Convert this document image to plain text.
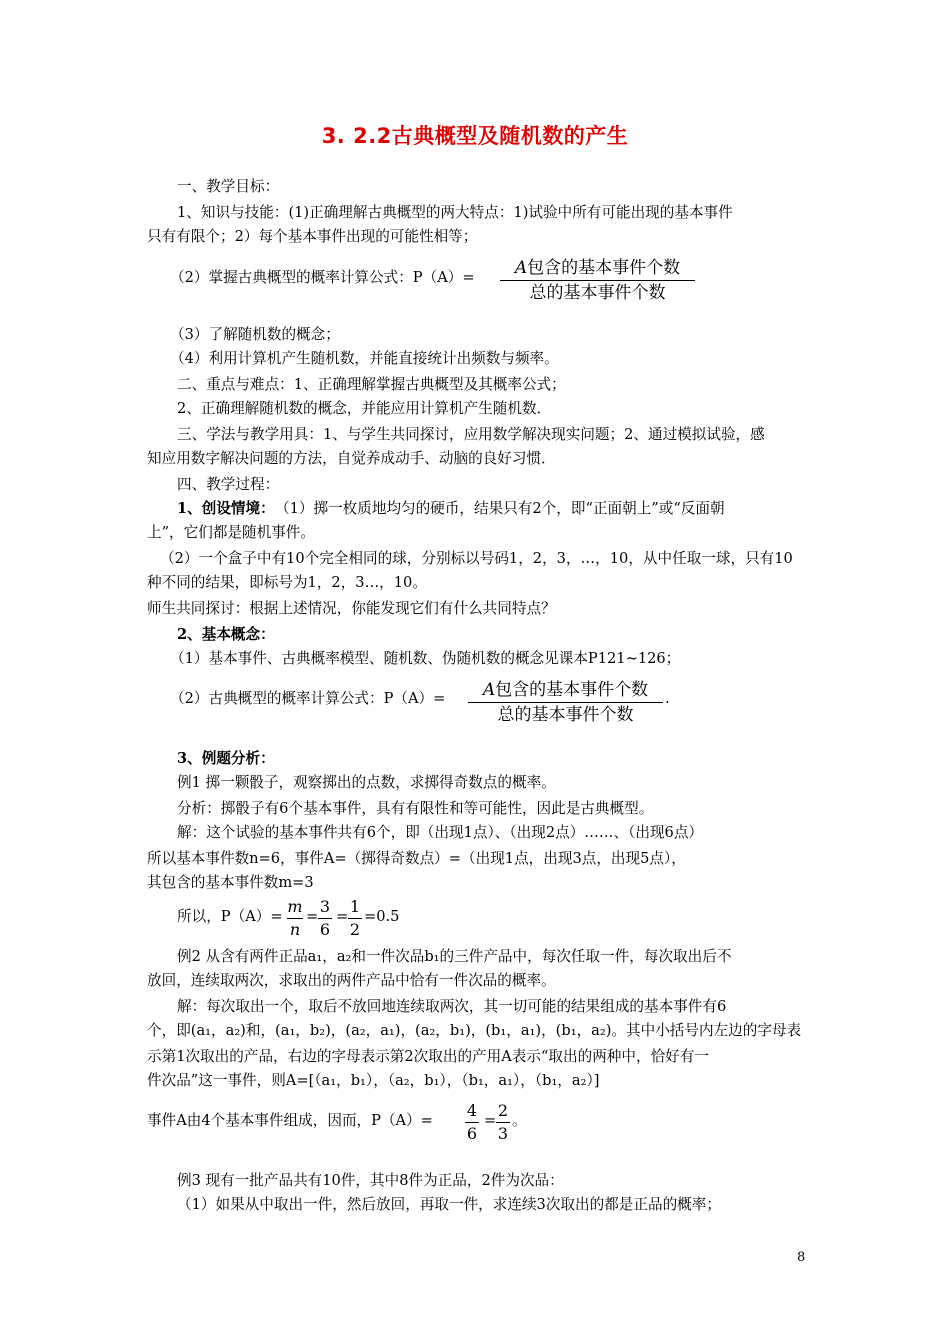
3. 2.2古典概型及随机数的产生
一、教学目标：
1、知识与技能：(1)正确理解古典概型的两大特点：1)试验中所有可能出现的基本事件
只有有限个；2）每个基本事件出现的可能性相等；
（2）掌握古典概型的概率计算公式：P（A）=	A包含的基本事件个数
总的基本事件个数
（3）了解随机数的概念；
（4）利用计算机产生随机数，并能直接统计出频数与频率。
二、重点与难点：1、正确理解掌握古典概型及其概率公式；
2、正确理解随机数的概念，并能应用计算机产生随机数．
三、学法与教学用具：1、与学生共同探讨，应用数学解决现实问题；2、通过模拟试验，感
知应用数字解决问题的方法，自觉养成动手、动脑的良好习惯．
四、教学过程：
1、创设情境： （1）掷一枚质地均匀的硬币，结果只有2个，即“正面朝上”或“反面朝
上”，它们都是随机事件。
（2）一个盒子中有10个完全相同的球，分别标以号码1，2，3，…，10，从中任取一球，只有10
种不同的结果，即标号为1，2，3…，10。
师生共同探讨：根据上述情况，你能发现它们有什么共同特点？
2、基本概念：
（1）基本事件、古典概率模型、随机数、伪随机数的概念见课本P121~126；
（2）古典概型的概率计算公式：P（A）=	A包含的基本事件个数
总的基本事件个数
.
3、例题分析：
例1 掷一颗骰子，观察掷出的点数，求掷得奇数点的概率。
分析：掷骰子有6个基本事件，具有有限性和等可能性，因此是古典概型。
解：这个试验的基本事件共有6个，即（出现1点）、（出现2点）……、（出现6点）
所以基本事件数n=6，事件A=（掷得奇数点）=（出现1点，出现3点，出现5点），
其包含的基本事件数m=3
所以，P（A）=
m
n
=
3
6
=
1
2
=0.5
例2 从含有两件正品a₁，a₂和一件次品b₁的三件产品中，每次任取一件，每次取出后不
放回，连续取两次，求取出的两件产品中恰有一件次品的概率。
解：每次取出一个，取后不放回地连续取两次，其一切可能的结果组成的基本事件有6
个，即(a₁，a₂)和，(a₁，b₂)，(a₂，a₁)，(a₂，b₁)，(b₁，a₁)，(b₁，a₂)。其中小括号内左边的字母表
示第1次取出的产品，右边的字母表示第2次取出的产用A表示“取出的两种中，恰好有一
件次品”这一事件，则A=[（a₁，b₁），（a₂，b₁），（b₁，a₁），（b₁，a₂）]
事件A由4个基本事件组成，因而，P（A）=
4
6
=
2
3
。
例3 现有一批产品共有10件，其中8件为正品，2件为次品：
（1）如果从中取出一件，然后放回，再取一件，求连续3次取出的都是正品的概率；
8
